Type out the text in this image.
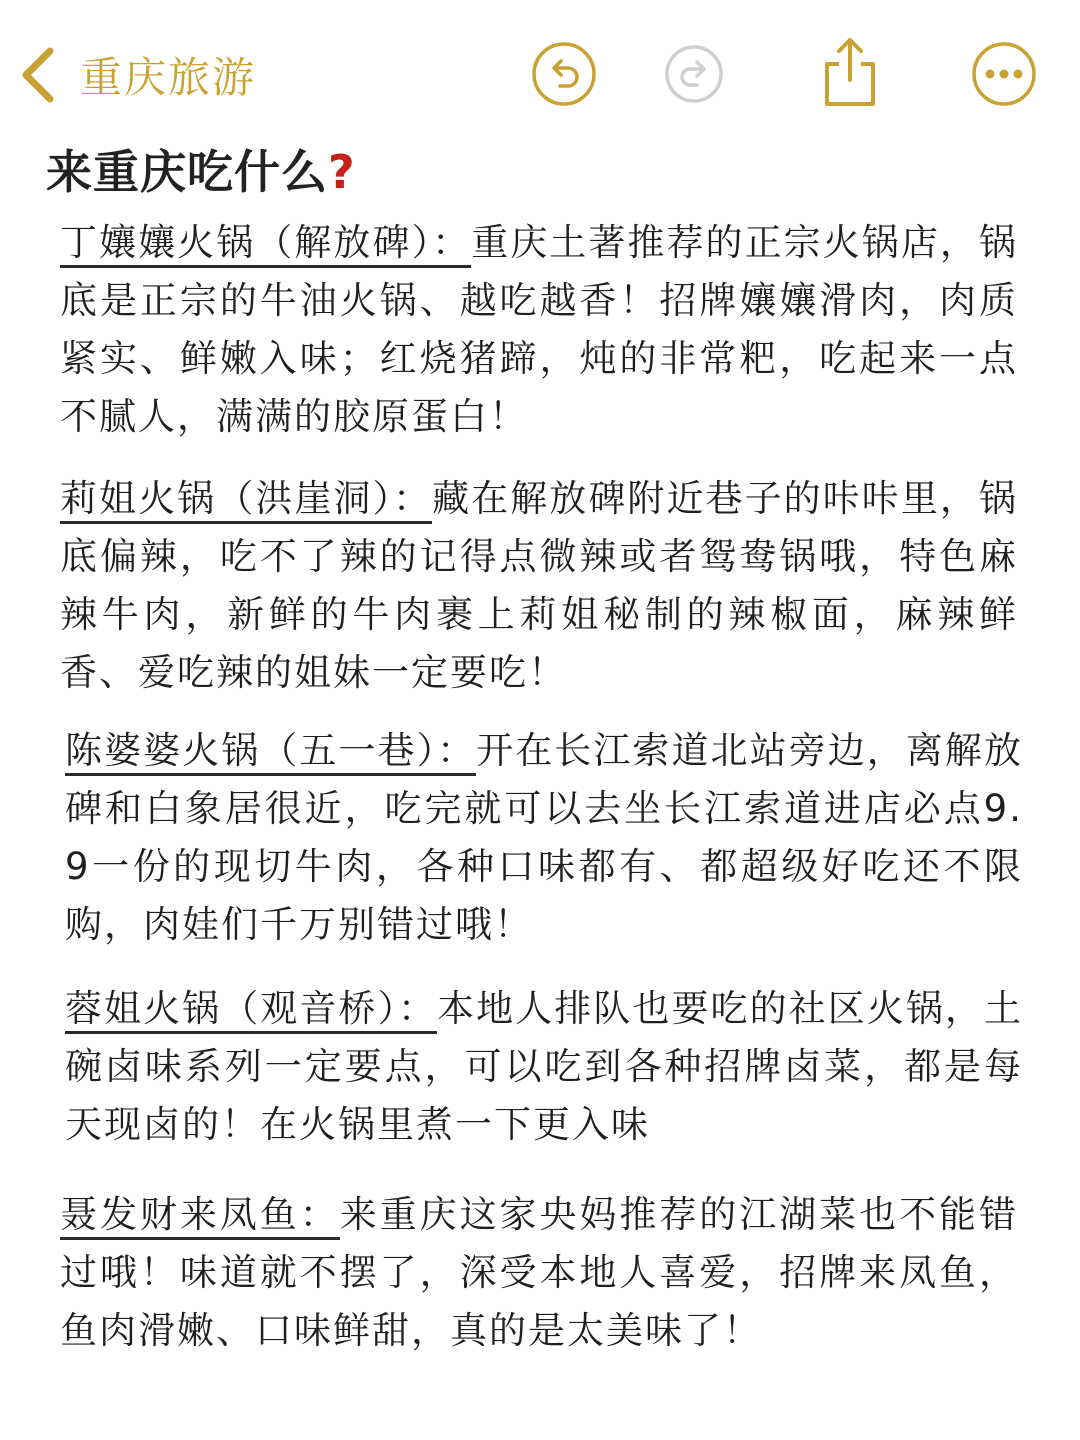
重庆旅游
来重庆吃什么?
丁孃孃火锅（解放碑）：重庆土著推荐的正宗火锅店，锅底是正宗的牛油火锅、越吃越香！招牌孃孃滑肉，肉质紧实、鲜嫩入味；红烧猪蹄，炖的非常粑，吃起来一点不腻人，满满的胶原蛋白！
莉姐火锅（洪崖洞）：藏在解放碑附近巷子的咔咔里，锅底偏辣，吃不了辣的记得点微辣或者鸳鸯锅哦，特色麻辣牛肉，新鲜的牛肉裹上莉姐秘制的辣椒面，麻辣鲜香、爱吃辣的姐妹一定要吃！
陈婆婆火锅（五一巷）：开在长江索道北站旁边，离解放碑和白象居很近，吃完就可以去坐长江索道进店必点9.9一份的现切牛肉，各种口味都有、都超级好吃还不限购，肉娃们千万别错过哦！
蓉姐火锅（观音桥）：本地人排队也要吃的社区火锅，土碗卤味系列一定要点，可以吃到各种招牌卤菜，都是每天现卤的！在火锅里煮一下更入味
聂发财来凤鱼：来重庆这家央妈推荐的江湖菜也不能错过哦！味道就不摆了，深受本地人喜爱，招牌来凤鱼，鱼肉滑嫩、口味鲜甜，真的是太美味了！
